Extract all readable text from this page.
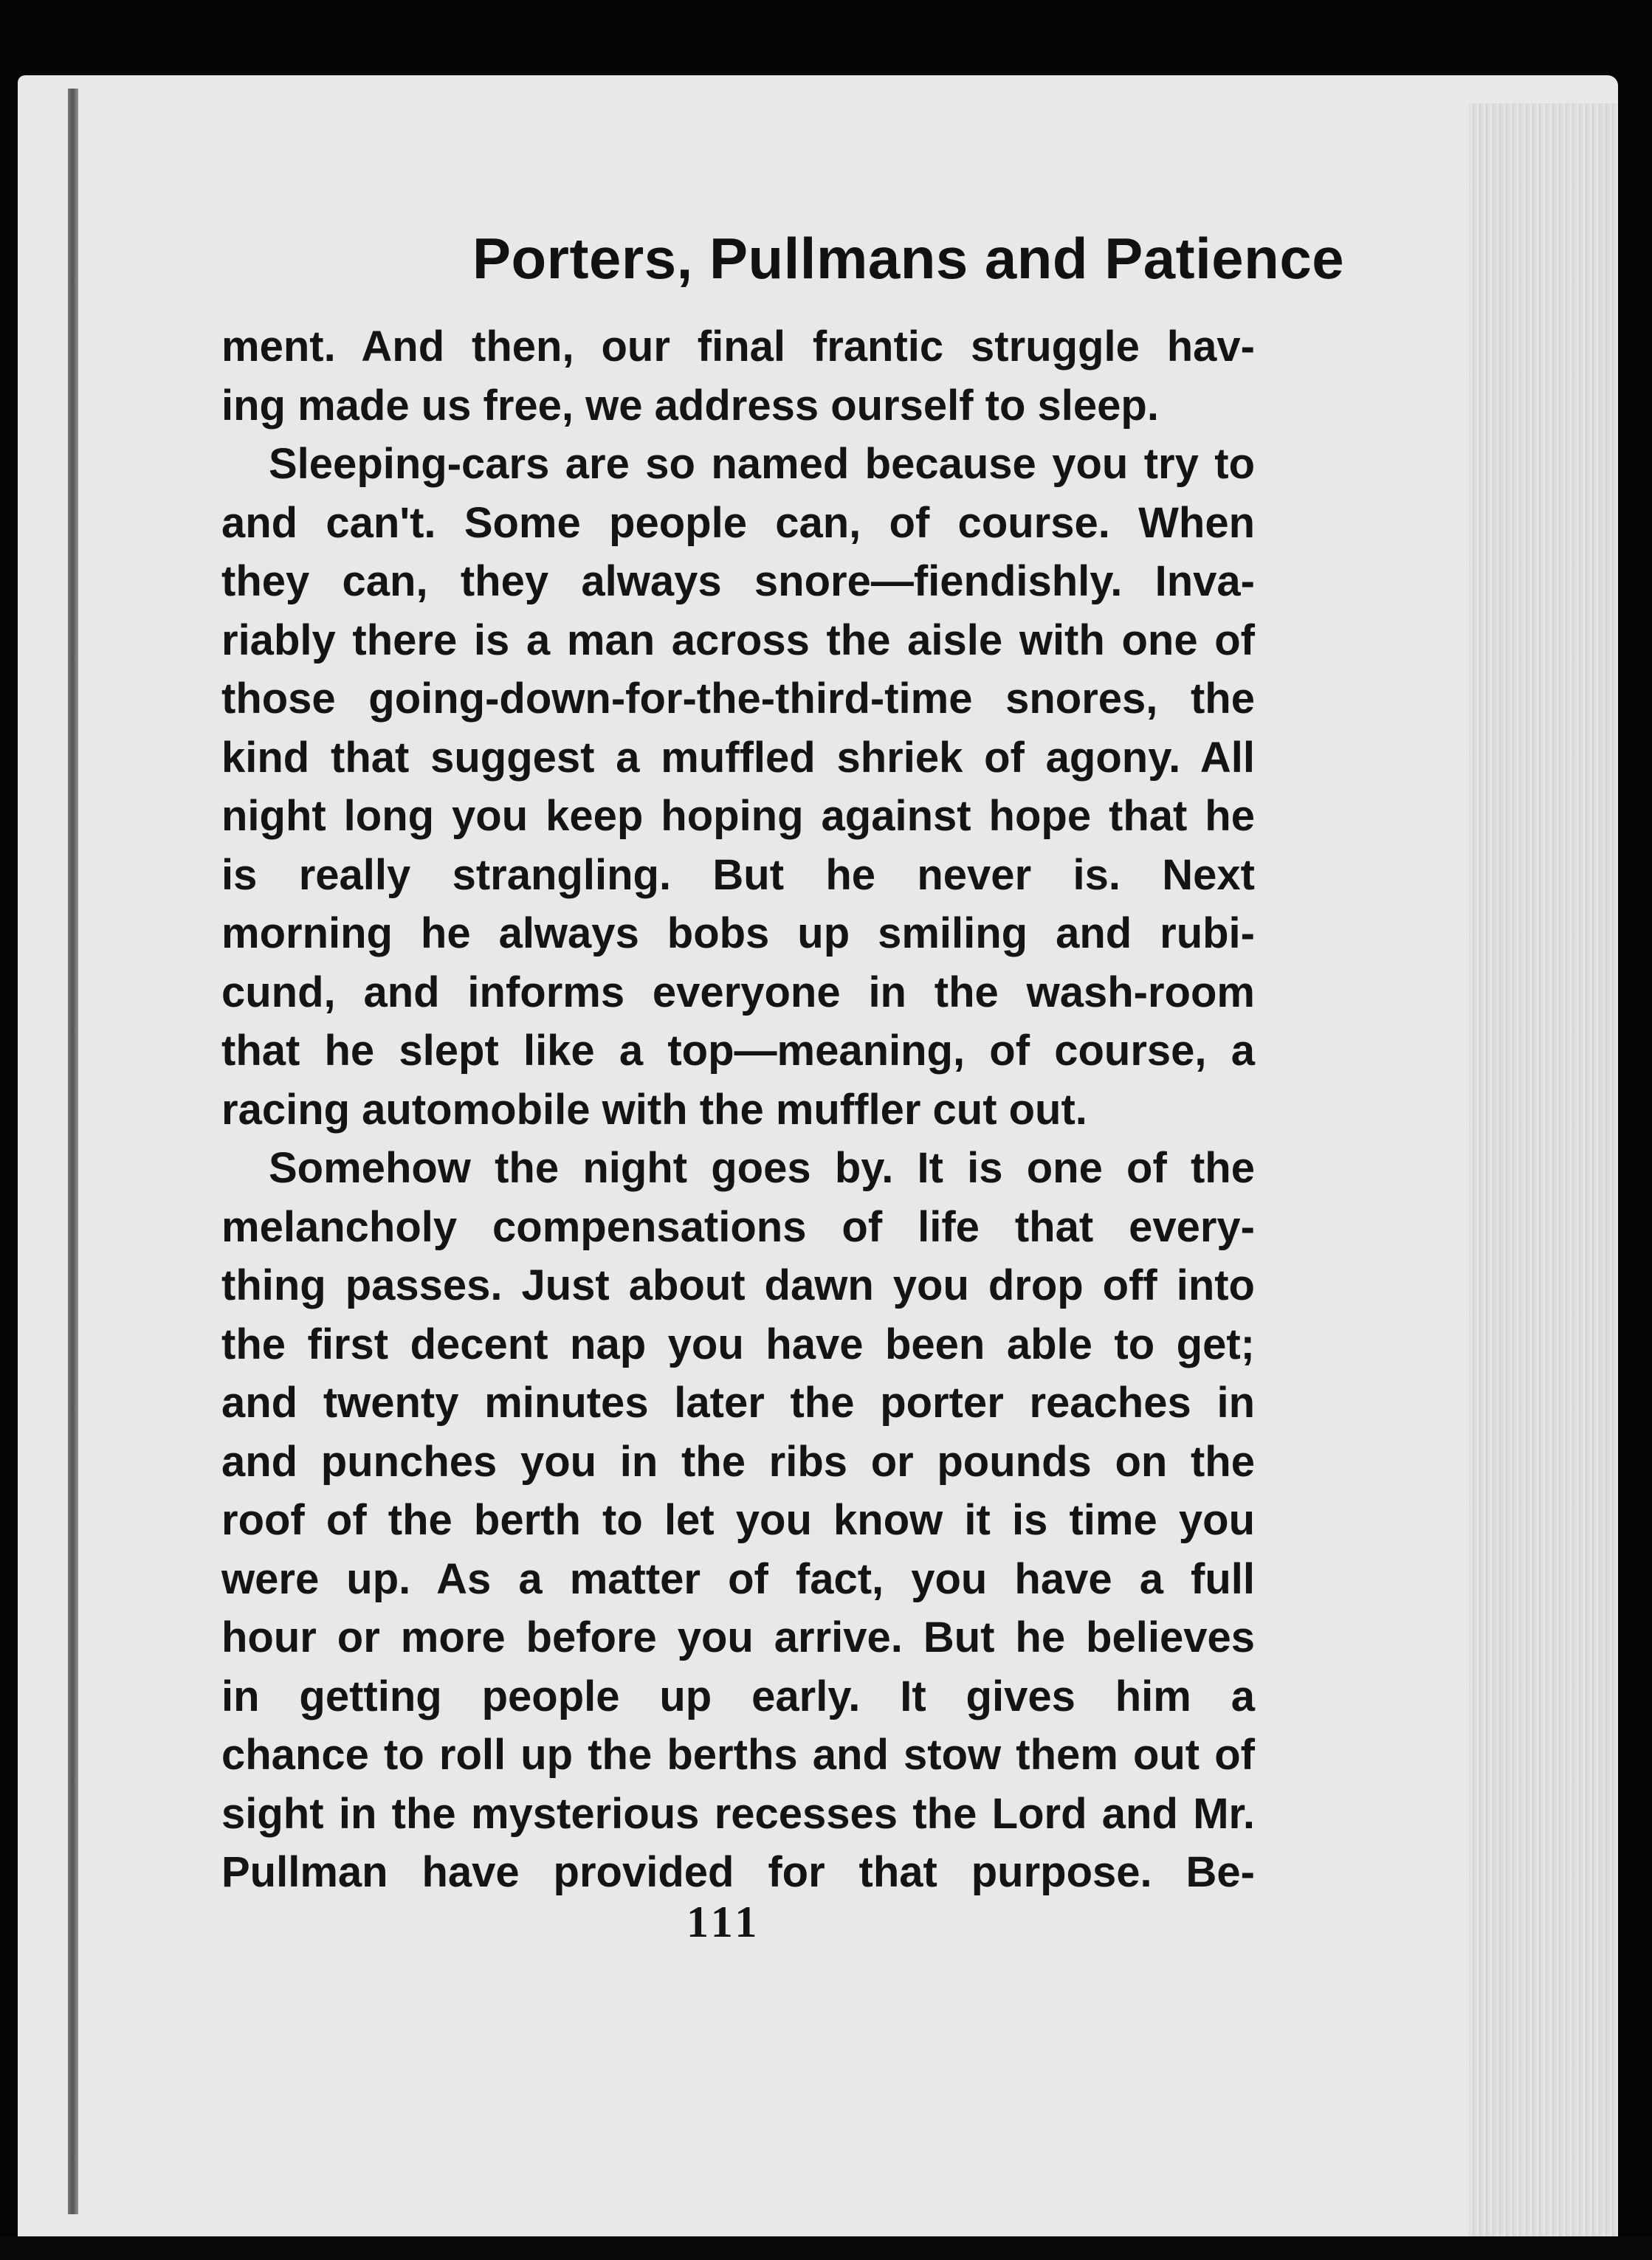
Porters, Pullmans and Patience
ment. And then, our final frantic struggle hav-
ing made us free, we address ourself to sleep.
Sleeping-cars are so named because you try to
and can't. Some people can, of course. When
they can, they always snore—fiendishly. Inva-
riably there is a man across the aisle with one of
those going-down-for-the-third-time snores, the
kind that suggest a muffled shriek of agony. All
night long you keep hoping against hope that he
is really strangling. But he never is. Next
morning he always bobs up smiling and rubi-
cund, and informs everyone in the wash-room
that he slept like a top—meaning, of course, a
racing automobile with the muffler cut out.
Somehow the night goes by. It is one of the
melancholy compensations of life that every-
thing passes. Just about dawn you drop off into
the first decent nap you have been able to get;
and twenty minutes later the porter reaches in
and punches you in the ribs or pounds on the
roof of the berth to let you know it is time you
were up. As a matter of fact, you have a full
hour or more before you arrive. But he believes
in getting people up early. It gives him a
chance to roll up the berths and stow them out of
sight in the mysterious recesses the Lord and Mr.
Pullman have provided for that purpose. Be-
111
